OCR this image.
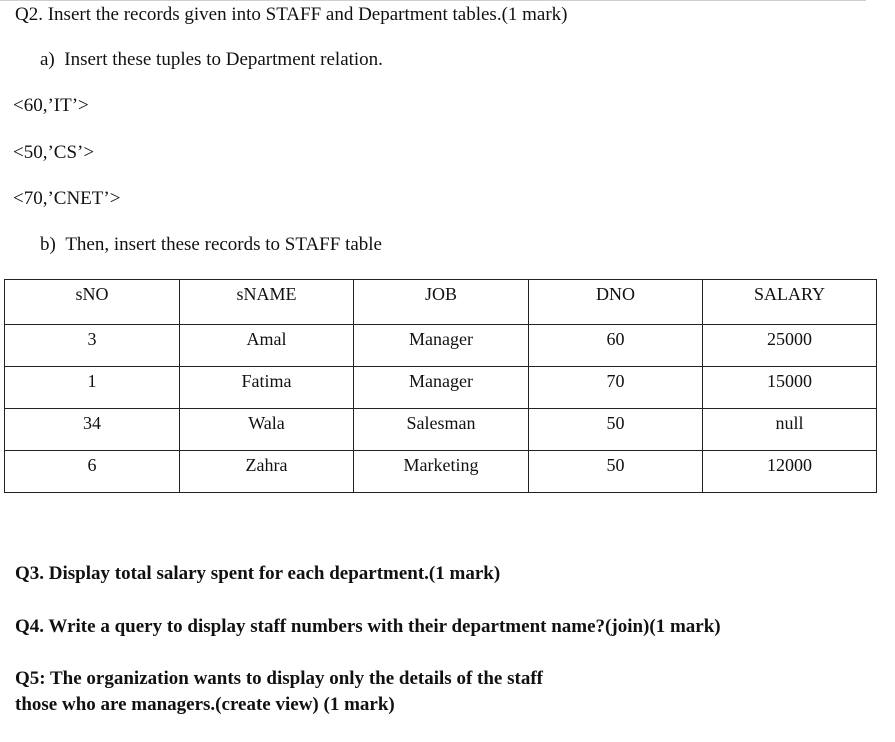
Q2. Insert the records given into STAFF and Department tables.(1 mark)
a)  Insert these tuples to Department relation.
<60,’IT’>
<50,’CS’>
<70,’CNET’>
b)  Then, insert these records to STAFF table
sNO	sNAME	JOB	DNO	SALARY
3	Amal	Manager	60	25000
1	Fatima	Manager	70	15000
34	Wala	Salesman	50	null
6	Zahra	Marketing	50	12000
Q3. Display total salary spent for each department.(1 mark)
Q4. Write a query to display staff numbers with their department name?(join)(1 mark)
Q5: The organization wants to display only the details of the staff
those who are managers.(create view) (1 mark)
